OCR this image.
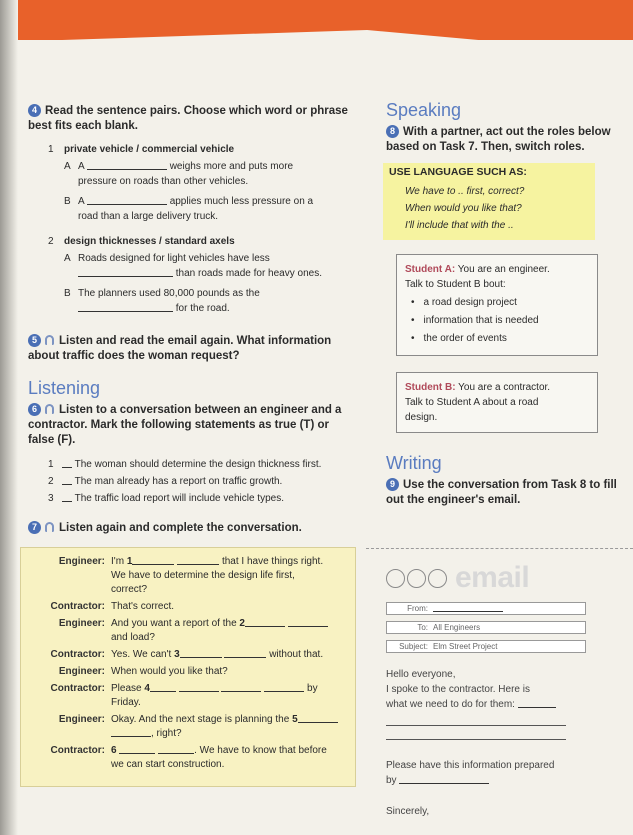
4 Read the sentence pairs. Choose which word or phrase best fits each blank.
1 private vehicle / commercial vehicle
A A	weighs more and puts more
pressure on roads than other vehicles.
B A	applies much less pressure on a
road than a large delivery truck.
2 design thicknesses / standard axels
A Roads designed for light vehicles have less
than roads made for heavy ones.
B The planners used 80,000 pounds as the
for the road.
5 Listen and read the email again. What information about traffic does the woman request?
Listening
6 Listen to a conversation between an engineer and a contractor. Mark the following statements as true (T) or false (F).
1 The woman should determine the design thickness first.
2 The man already has a report on traffic growth.
3 The traffic load report will include vehicle types.
7 Listen again and complete the conversation.
Engineer: I'm 1	that I have things right.
We have to determine the design life first,
correct?
Contractor: That's correct.
Engineer: And you want a report of the 2
and load?
Contractor: Yes. We can't 3	without that.
Engineer: When would you like that?
Contractor: Please 4	by
Friday.
Engineer: Okay. And the next stage is planning the 5
, right?
Contractor: 6	. We have to know that before
we can start construction.
Speaking
8 With a partner, act out the roles below based on Task 7. Then, switch roles.
USE LANGUAGE SUCH AS:
We have to .. first, correct?
When would you like that?
I'll include that with the ..
Student A: You are an engineer.
Talk to Student B bout:
• a road design project
• information that is needed
• the order of events
Student B: You are a contractor.
Talk to Student A about a road
design.
Writing
9 Use the conversation from Task 8 to fill out the engineer's email.
email
From:
To: All Engineers
Subject: Elm Street Project
Hello everyone,
I spoke to the contractor. Here is
what we need to do for them:
Please have this information prepared
by
Sincerely,
